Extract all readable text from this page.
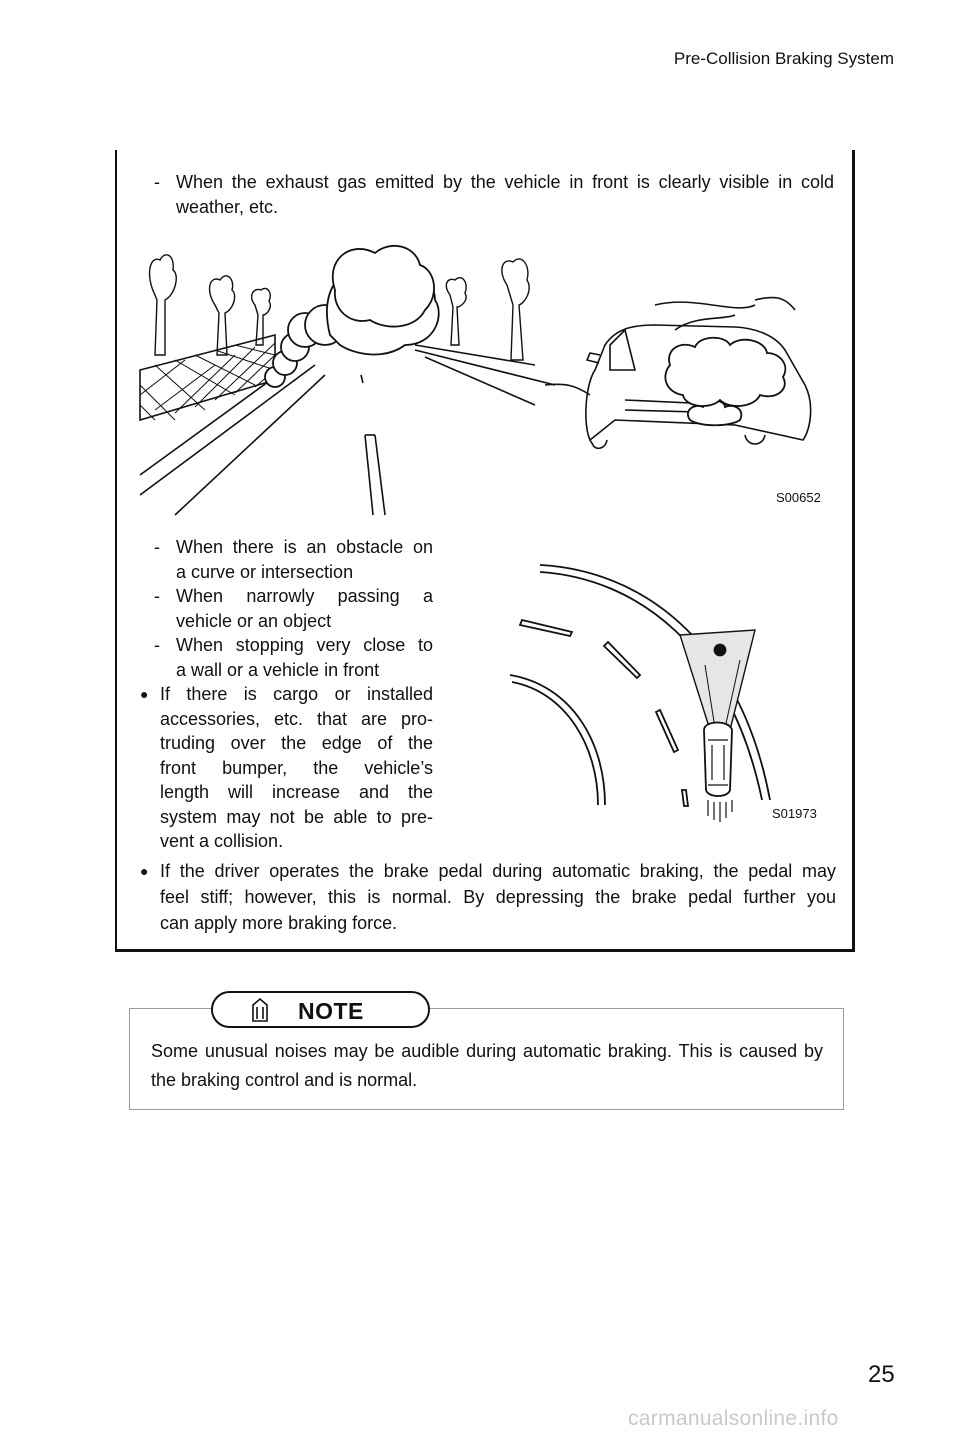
Pre-Collision Braking System
- When the exhaust gas emitted by the vehicle in front is clearly visible in cold weather, etc.
S00652
- When there is an obstacle on
a curve or intersection
- When narrowly passing a
vehicle or an object
- When stopping very close to
a wall or a vehicle in front
● If there is cargo or installed
accessories, etc. that are pro-
truding over the edge of the
front bumper, the vehicle’s
length will increase and the
system may not be able to pre-
vent a collision.
S01973
● If the driver operates the brake pedal during automatic braking, the pedal may
feel stiff; however, this is normal. By depressing the brake pedal further you
can apply more braking force.
NOTE
Some unusual noises may be audible during automatic braking. This is caused by the braking control and is normal.
25
carmanualsonline.info
